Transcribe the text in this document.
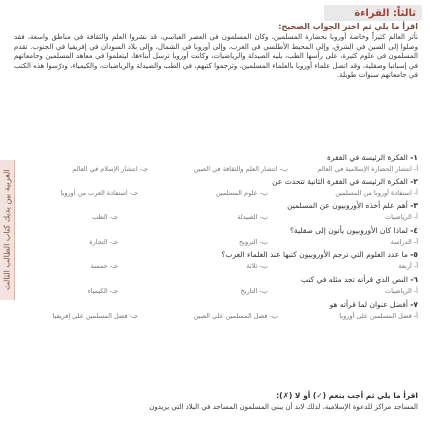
العربية بين يديك كتاب الطالب الثالث
ثالثاً: القراءة
اقرأ ما يلي ثم اختر الجواب الصحيح:
تأثر العالم كثيراً وخاصة أوروبا بحضارة المسلمين، وكان المسلمون في العصر العباسي، قد نشروا العلم والثقافة في مناطق واسعة، فقد وصلوا إلى الصين في الشرق، وإلى المحيط الأطلسي في الغرب، وإلى أوروبا في الشمال، وإلى بلاد السودان في إفريقيا في الجنوب. تقدم المسلمون في علوم كثيرة، على رأسها الطب، يليه الصيدلة والرياضيات، وكانت أوروبا ترسل أبناءها، ليتعلموا في معاهد المسلمين وجامعاتهم في إسبانيا وصقلية، وقد اتصل علماء أوروبا بالعلماء المسلمين، وترجموا كتبهم، في الطب والصيدلة والرياضيات، والكيمياء، ودرّسوا هذه الكتب في جامعاتهم سنوات طويلة.
١- الفكرة الرئيسة في الفقرة
أ- انتشار الحضارة الإسلامية في العالم
ب- انتشار العلم والثقافة في الصين
جـ- انتشار الإسلام في العالم
٢- الفكرة الرئيسة في الفقرة الثانية تتحدث عن
أ- استفادة أوروبا من المسلمين
ب- علوم المسلمين
جـ- استفادة العرب من أوروبا
٣- أهم علم أخذه الأوروبيون عن المسلمين
أ- الرياضيات
ب- الصيدلة
جـ- الطب
٤- لماذا كان الأوروبيون يأتون إلى صقلية؟
أ- الدراسة
ب- الترويح
جـ- التجارة
٥- ما عدد العلوم التي ترجم الأوروبيون كتبها عند العلماء العرب؟
أ- أربعة
ب- ثلاثة
جـ- خمسة
٦- النص الذي قرأته تجد مثله في كتب
أ- الرياضيات
ب- التاريخ
جـ- الكيمياء
٧- أفضل عنوان لما قرأته هو
أ- فضل المسلمين على أوروبا
ب- فضل المسلمين على الصين
جـ- فضل المسلمين على إفريقيا
اقرأ ما يلي ثم أجب بنعم (✓) أو لا (✗):
المساجد مراكز للدعوة الإسلامية، لذلك لابد أن يبني المسلمون المساجد في البلاد التي يريدون
